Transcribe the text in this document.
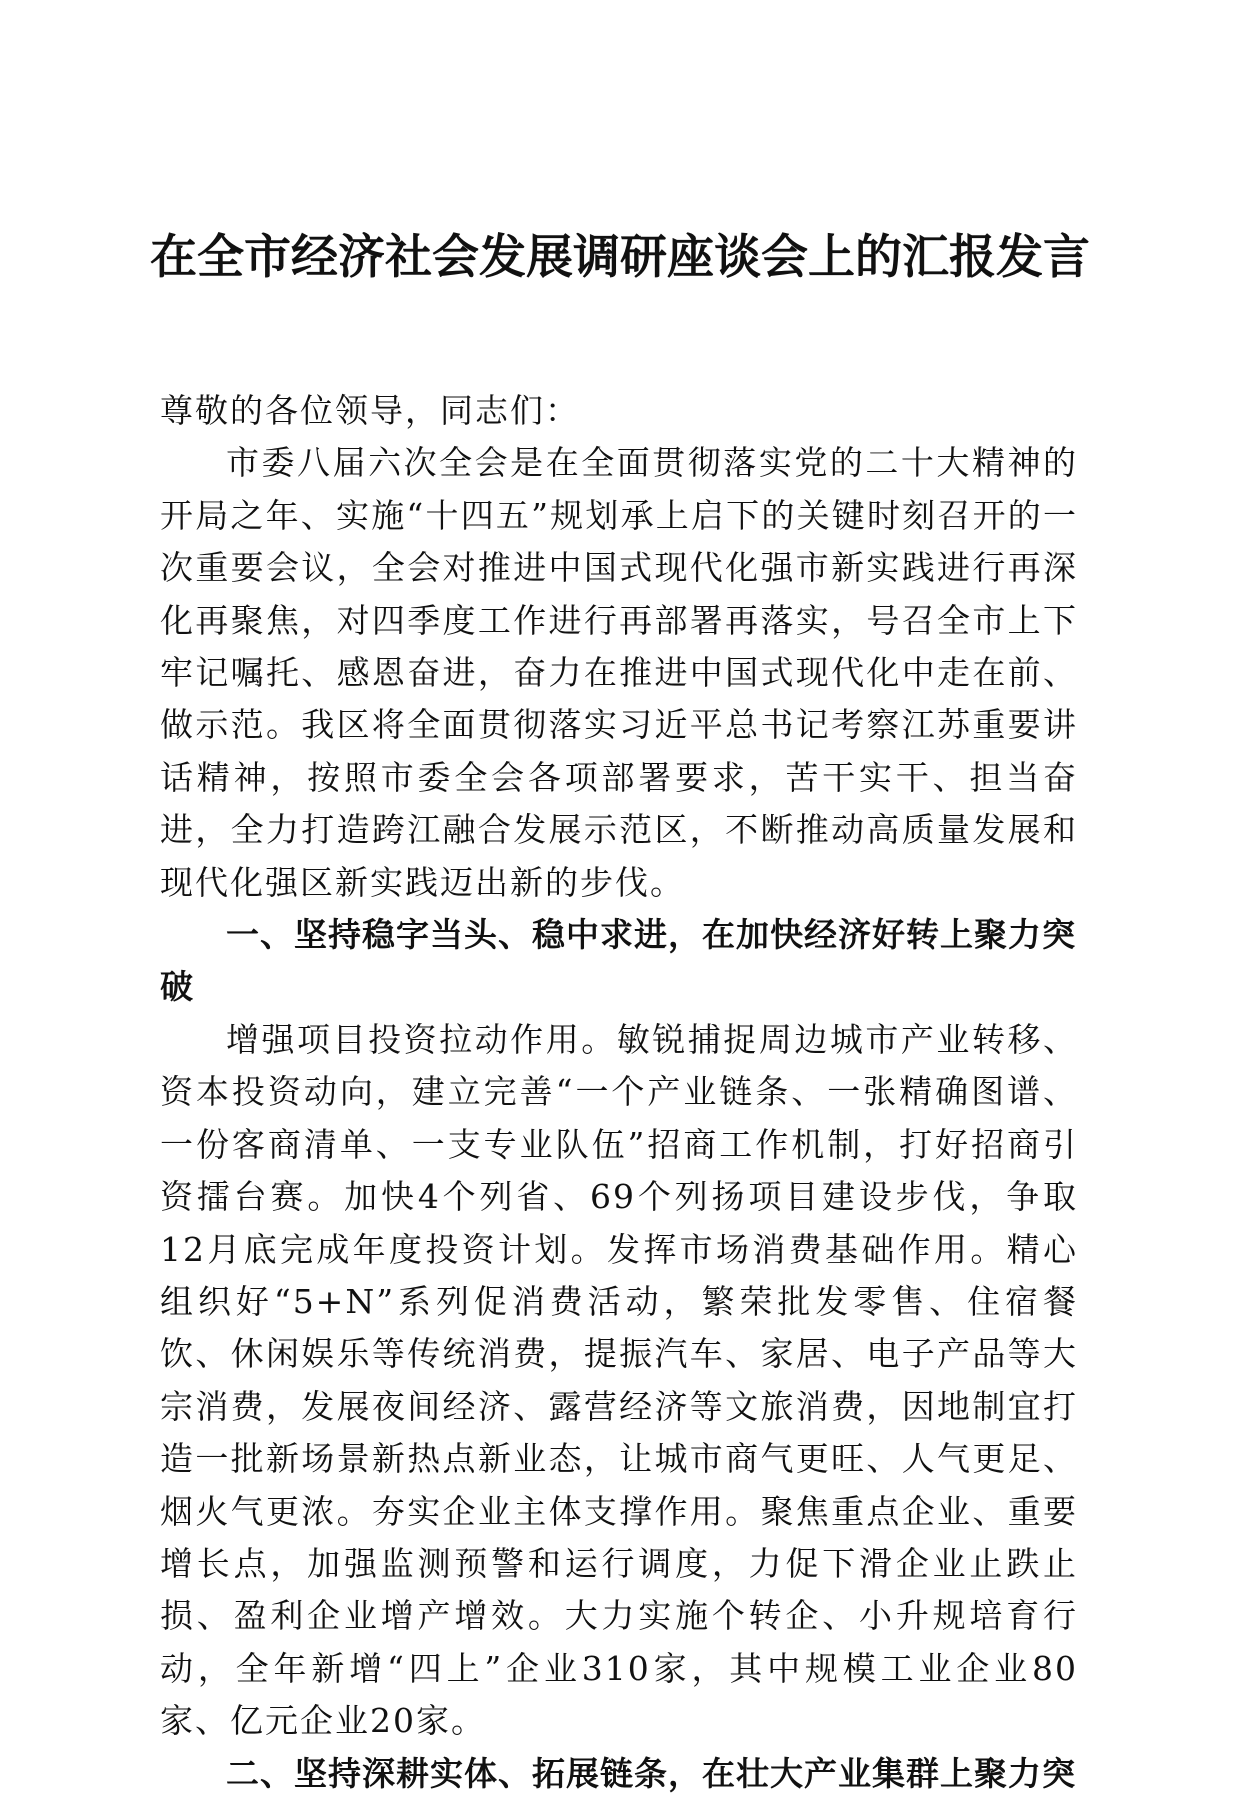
在全市经济社会发展调研座谈会上的汇报发言

尊敬的各位领导，同志们：

市委八届六次全会是在全面贯彻落实党的二十大精神的开局之年、实施“十四五”规划承上启下的关键时刻召开的一次重要会议，全会对推进中国式现代化强市新实践进行再深化再聚焦，对四季度工作进行再部署再落实，号召全市上下牢记嘱托、感恩奋进，奋力在推进中国式现代化中走在前、做示范。我区将全面贯彻落实习近平总书记考察江苏重要讲话精神，按照市委全会各项部署要求，苦干实干、担当奋进，全力打造跨江融合发展示范区，不断推动高质量发展和现代化强区新实践迈出新的步伐。

一、坚持稳字当头、稳中求进，在加快经济好转上聚力突破

增强项目投资拉动作用。敏锐捕捉周边城市产业转移、资本投资动向，建立完善“一个产业链条、一张精确图谱、一份客商清单、一支专业队伍”招商工作机制，打好招商引资擂台赛。加快4个列省、69个列扬项目建设步伐，争取12月底完成年度投资计划。发挥市场消费基础作用。精心组织好“5+N”系列促消费活动，繁荣批发零售、住宿餐饮、休闲娱乐等传统消费，提振汽车、家居、电子产品等大宗消费，发展夜间经济、露营经济等文旅消费，因地制宜打造一批新场景新热点新业态，让城市商气更旺、人气更足、烟火气更浓。夯实企业主体支撑作用。聚焦重点企业、重要增长点，加强监测预警和运行调度，力促下滑企业止跌止损、盈利企业增产增效。大力实施个转企、小升规培育行动，全年新增“四上”企业310家，其中规模工业企业80家、亿元企业20家。

二、坚持深耕实体、拓展链条，在壮大产业集群上聚力突
